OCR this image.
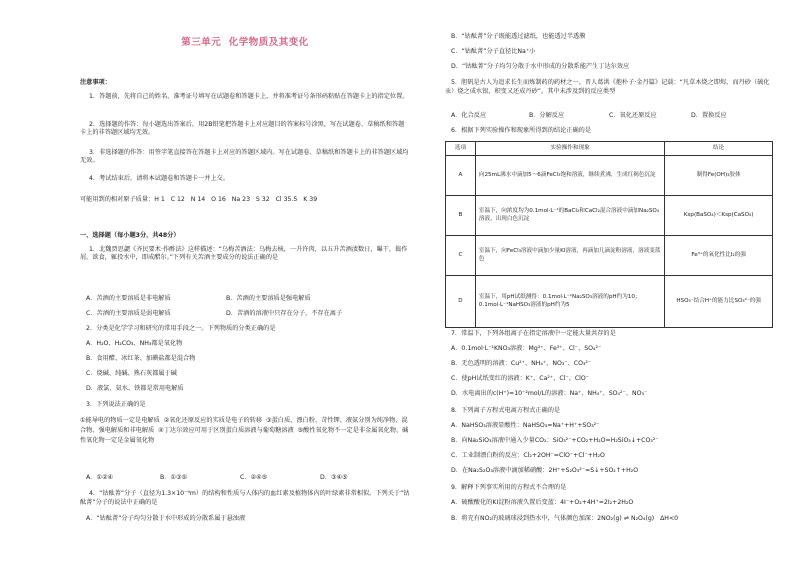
第三单元  化学物质及其变化
注意事项：
1．答题前，先将自己的姓名、准考证号填写在试题卷和答题卡上，并将准考证号条形码粘贴在答题卡上的指定位置。
2．选择题的作答：每小题选出答案后，用2B铅笔把答题卡上对应题目的答案标号涂黑，写在试题卷、草稿纸和答题卡上的非答题区域均无效。
3．非选择题的作答：用签字笔直接答在答题卡上对应的答题区域内。写在试题卷、草稿纸和答题卡上的非答题区域均无效。
4．考试结束后，请将本试题卷和答题卡一并上交。
可能用到的相对原子质量：H 1   C 12   N 14   O 16   Na 23   S 32   Cl 35.5   K 39
一、选择题（每小题3分，共48分）
1．北魏贾思勰《齐民要术·作酢法》这样描述：“乌梅苦酒法：乌梅去核，一升许肉，以五升苦酒渍数日，曝干，捣作屑。欲食，辄投水中，即成醋尔。”下列有关苦酒主要成分的说法正确的是
A．苦酒的主要溶质是非电解质	B．苦酒的主要溶质是强电解质
C．苦酒的主要溶质是弱电解质	D．苦酒的溶液中只存在分子，不存在离子
2．分类是化学学习和研究的常用手段之一。下列物质的分类正确的是
A．H₂O、H₂CO₃、NH₃都是氧化物
B．食用醋、冰红茶、加碘盐都是混合物
C．烧碱、纯碱、熟石灰都属于碱
D．液氯、氨水、铁都是常用电解质
3．下列说法正确的是
①能导电的物质一定是电解质  ②氧化还原反应的实质是电子的转移  ③蛋白质、漂白粉、苛性钾、液氨分别为纯净物、混合物、强电解质和非电解质  ④丁达尔效应可用于区别蛋白质溶液与葡萄糖溶液  ⑤酸性氧化物不一定是非金属氧化物，碱性氧化物一定是金属氧化物
A．①②④	B．①③⑤	C．②④⑤	D．③④⑤
4．“钴酞菁”分子（直径为1.3×10⁻⁹m）的结构和性质与人体内的血红素及植物体内的叶绿素非常相似。下列关于“钴酞菁”分子的说法中正确的是
A．“钴酞菁”分子均匀分散于水中形成的分散系属于悬浊液
B．“钴酞菁”分子既能透过滤纸，也能透过半透膜
C．“钴酞菁”分子直径比Na⁺小
D．“钴酞菁”分子均匀分散于水中形成的分散系能产生丁达尔效应
5．胆矾是古人为追求长生而炼制药的药材之一。晋人葛洪《抱朴子·金丹篇》记载：“凡草木烧之即烬，而丹砂（硫化汞）烧之成水银，积变又还成丹砂”。其中未涉及到的反应类型
A．化合反应	B．分解反应	C．氧化还原反应	D．置换反应
6．根据下列实验操作和现象所得到的结论正确的是
选项	实验操作和现象	结论
A	向25mL沸水中滴加5～6滴FeCl₃饱和溶液，继续煮沸，生成红褐色沉淀	制得Fe(OH)₃胶体
B	室温下，向浓度均为0.1mol·L⁻¹的BaCl₂和CaCl₂混合溶液中滴加Na₂SO₄溶液，出现白色沉淀	Ksp(BaSO₄)＜Ksp(CaSO₄)
C	室温下，向FeCl₃溶液中滴加少量KI溶液，再滴加几滴淀粉溶液，溶液变蓝色	Fe³⁺的氧化性比I₂的强
D	室温下，用pH试纸测得：0.1mol·L⁻¹Na₂SO₃溶液的pH约为10；0.1mol·L⁻¹NaHSO₃溶液的pH约为5	HSO₃⁻结合H⁺的能力比SO₃²⁻的强
7．常温下，下列各组离子在指定溶液中一定能大量共存的是
A．0.1mol·L⁻¹KNO₃溶液：Mg²⁺、Fe³⁺、Cl⁻、SO₄²⁻
B．无色透明的溶液：Cu²⁺、NH₄⁺、NO₃⁻、CO₃²⁻
C．使pH试纸变红的溶液：K⁺、Ca²⁺、Cl⁻、ClO⁻
D．水电离出的c(H⁺)=10⁻²mol/L的溶液：Na⁺、NH₄⁺、SO₄²⁻、NO₃⁻
8．下列离子方程式电离方程式正确的是
A．NaHSO₃溶液显酸性：NaHSO₃=Na⁺+H⁺+SO₃²⁻
B．向Na₂SiO₃溶液中通入少量CO₂：SiO₃²⁻+CO₂+H₂O=H₂SiO₃↓+CO₃²⁻
C．工业制漂白粉的反应：Cl₂+2OH⁻=ClO⁻+Cl⁻+H₂O
D．在Na₂S₂O₃溶液中滴加稀硝酸：2H⁺+S₂O₃²⁻=S↓+SO₂↑+H₂O
9．解释下列事实所用的方程式不合理的是
A．硫酸酸化的KI淀粉溶液久置后变蓝：4I⁻+O₂+4H⁺=2I₂+2H₂O
B．将充有NO₂的玻璃球浸到热水中，气体颜色加深：2NO₂(g) ⇌ N₂O₄(g)   ΔH<0
